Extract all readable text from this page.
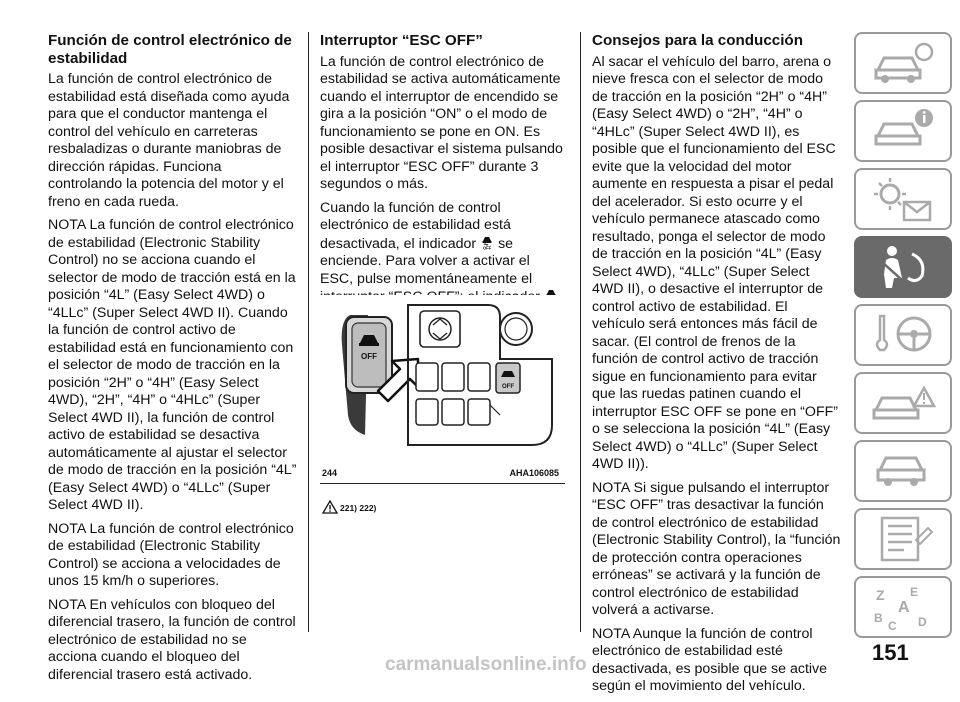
Función de control electrónico de estabilidad

La función de control electrónico de estabilidad está diseñada como ayuda para que el conductor mantenga el control del vehículo en carreteras resbaladizas o durante maniobras de dirección rápidas. Funciona controlando la potencia del motor y el freno en cada rueda.

NOTA La función de control electrónico de estabilidad (Electronic Stability Control) no se acciona cuando el selector de modo de tracción está en la posición “4L” (Easy Select 4WD) o “4LLc” (Super Select 4WD II). Cuando la función de control activo de estabilidad está en funcionamiento con el selector de modo de tracción en la posición “2H” o “4H” (Easy Select 4WD), “2H”, “4H” o “4HLc” (Super Select 4WD II), la función de control activo de estabilidad se desactiva automáticamente al ajustar el selector de modo de tracción en la posición “4L” (Easy Select 4WD) o “4LLc” (Super Select 4WD II).

NOTA La función de control electrónico de estabilidad (Electronic Stability Control) se acciona a velocidades de unos 15 km/h o superiores.

NOTA En vehículos con bloqueo del diferencial trasero, la función de control electrónico de estabilidad no se acciona cuando el bloqueo del diferencial trasero está activado.

Interruptor “ESC OFF”

La función de control electrónico de estabilidad se activa automáticamente cuando el interruptor de encendido se gira a la posición “ON” o el modo de funcionamiento se pone en ON. Es posible desactivar el sistema pulsando el interruptor “ESC OFF” durante 3 segundos o más.

Cuando la función de control electrónico de estabilidad está desactivada, el indicador OFF se enciende. Para volver a activar el ESC, pulse momentáneamente el

OFF
OFF
244	AHA106085
221) 222)
Consejos para la conducción

Al sacar el vehículo del barro, arena o nieve fresca con el selector de modo de tracción en la posición “2H” o “4H” (Easy Select 4WD) o “2H”, “4H” o “4HLc” (Super Select 4WD II), es posible que el funcionamiento del ESC evite que la velocidad del motor aumente en respuesta a pisar el pedal del acelerador. Si esto ocurre y el vehículo permanece atascado como resultado, ponga el selector de modo de tracción en la posición “4L” (Easy Select 4WD), “4LLc” (Super Select 4WD II), o desactive el interruptor de control activo de estabilidad. El vehículo será entonces más fácil de sacar. (El control de frenos de la función de control activo de tracción sigue en funcionamiento para evitar que las ruedas patinen cuando el interruptor ESC OFF se pone en “OFF” o se selecciona la posición “4L” (Easy Select 4WD) o “4LLc” (Super Select 4WD II)).

NOTA Si sigue pulsando el interruptor “ESC OFF” tras desactivar la función de control electrónico de estabilidad (Electronic Stability Control), la “función de protección contra operaciones erróneas” se activará y la función de control electrónico de estabilidad volverá a activarse.

NOTA Aunque la función de control electrónico de estabilidad esté desactivada, es posible que se active según el movimiento del vehículo.

Z E
A
B
C D
151
carmanualsonline.info
